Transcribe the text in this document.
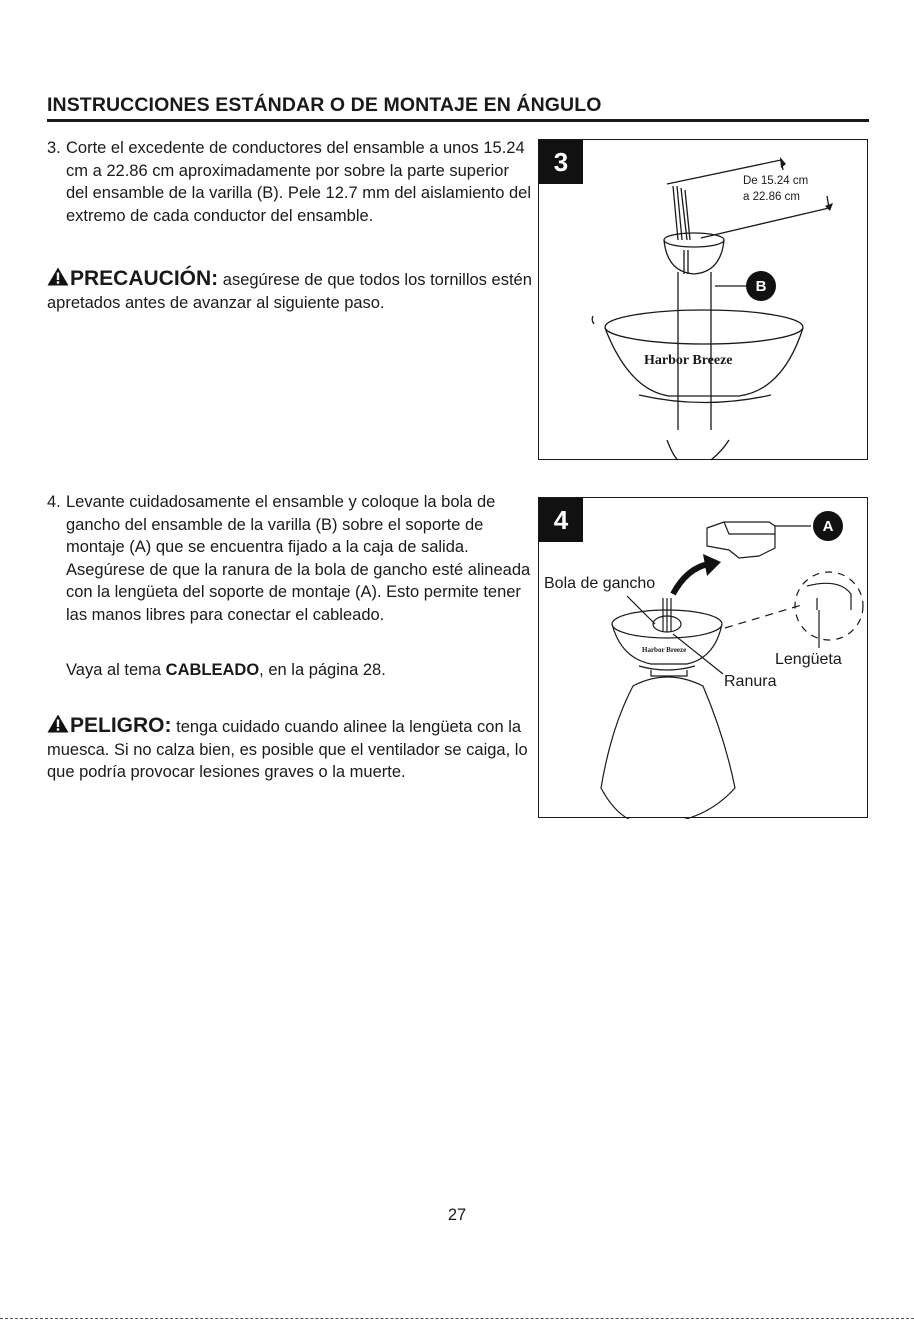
INSTRUCCIONES ESTÁNDAR O DE MONTAJE EN ÁNGULO
3. Corte el excedente de conductores del ensamble a unos 15.24 cm a 22.86 cm aproximadamente por sobre la parte superior del ensamble de la varilla (B). Pele 12.7 mm del aislamiento del extremo de cada conductor del ensamble.
PRECAUCIÓN: asegúrese de que todos los tornillos estén apretados antes de avanzar al siguiente paso.
4. Levante cuidadosamente el ensamble y coloque la bola de gancho del ensamble de la varilla (B) sobre el soporte de montaje (A) que se encuentra fijado a la caja de salida. Asegúrese de que la ranura de la bola de gancho esté alineada con la lengüeta del soporte de montaje (A). Esto permite tener las manos libres para conectar el cableado.
Vaya al tema CABLEADO, en la página 28.
PELIGRO: tenga cuidado cuando alinee la lengüeta con la muesca. Si no calza bien, es posible que el ventilador se caiga, lo que podría provocar lesiones graves o la muerte.
De 15.24 cm
a 22.86 cm
Harbor Breeze
B
3
Bola de gancho
Lengüeta
Ranura
Harbor Breeze
A
4
27
